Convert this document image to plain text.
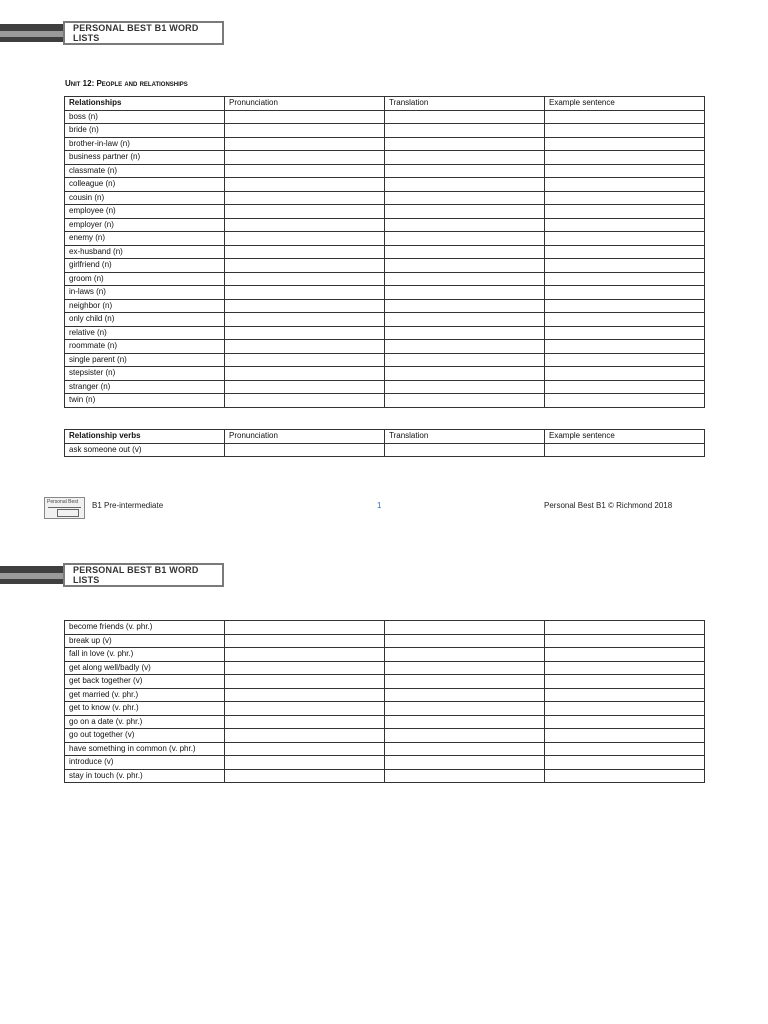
PERSONAL BEST B1 WORD LISTS
Unit 12: People and relationships
Relationships	Pronunciation	Translation	Example sentence
boss (n)			
bride (n)			
brother-in-law (n)			
business partner (n)			
classmate (n)			
colleague (n)			
cousin (n)			
employee (n)			
employer (n)			
enemy (n)			
ex-husband (n)			
girlfriend (n)			
groom (n)			
in-laws (n)			
neighbor (n)			
only child (n)			
relative (n)			
roommate (n)			
single parent (n)			
stepsister (n)			
stranger (n)			
twin (n)			
Relationship verbs	Pronunciation	Translation	Example sentence
ask someone out (v)			
Personal Best B1 Pre-intermediate	1	Personal Best B1 © Richmond 2018
PERSONAL BEST B1 WORD LISTS
become friends (v. phr.)			
break up (v)			
fall in love (v. phr.)			
get along well/badly (v)			
get back together (v)			
get married (v. phr.)			
get to know (v. phr.)			
go on a date (v. phr.)			
go out together (v)			
have something in common (v. phr.)			
introduce (v)			
stay in touch (v. phr.)			
